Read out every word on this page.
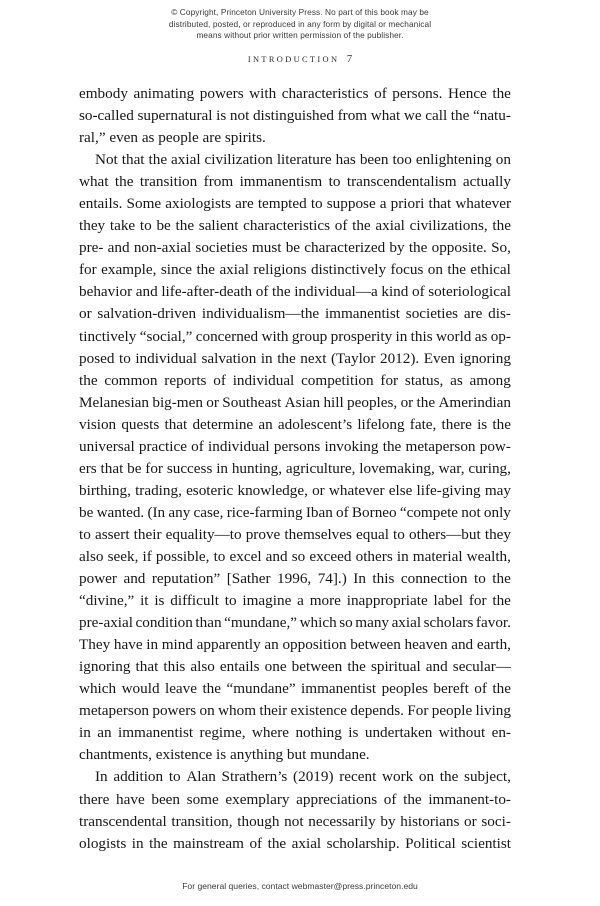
© Copyright, Princeton University Press. No part of this book may be
distributed, posted, or reproduced in any form by digital or mechanical
means without prior written permission of the publisher.
INTRODUCTION 7

embody animating powers with characteristics of persons. Hence the
so-called supernatural is not distinguished from what we call the “natu-
ral,” even as people are spirits.

Not that the axial civilization literature has been too enlightening on
what the transition from immanentism to transcendentalism actually
entails. Some axiologists are tempted to suppose a priori that whatever
they take to be the salient characteristics of the axial civilizations, the
pre- and non-axial societies must be characterized by the opposite. So,
for example, since the axial religions distinctively focus on the ethical
behavior and life-after-death of the individual—a kind of soteriological
or salvation-driven individualism—the immanentist societies are dis-
tinctively “social,” concerned with group prosperity in this world as op-
posed to individual salvation in the next (Taylor 2012). Even ignoring
the common reports of individual competition for status, as among
Melanesian big-men or Southeast Asian hill peoples, or the Amerindian
vision quests that determine an adolescent’s lifelong fate, there is the
universal practice of individual persons invoking the metaperson pow-
ers that be for success in hunting, agriculture, lovemaking, war, curing,
birthing, trading, esoteric knowledge, or whatever else life-giving may
be wanted. (In any case, rice-farming Iban of Borneo “compete not only
to assert their equality—to prove themselves equal to others—but they
also seek, if possible, to excel and so exceed others in material wealth,
power and reputation” [Sather 1996, 74].) In this connection to the
“divine,” it is difficult to imagine a more inappropriate label for the
pre-axial condition than “mundane,” which so many axial scholars favor.
They have in mind apparently an opposition between heaven and earth,
ignoring that this also entails one between the spiritual and secular—
which would leave the “mundane” immanentist peoples bereft of the
metaperson powers on whom their existence depends. For people living
in an immanentist regime, where nothing is undertaken without en-
chantments, existence is anything but mundane.

In addition to Alan Strathern’s (2019) recent work on the subject,
there have been some exemplary appreciations of the immanent-to-
transcendental transition, though not necessarily by historians or soci-
ologists in the mainstream of the axial scholarship. Political scientist

For general queries, contact webmaster@press.princeton.edu
